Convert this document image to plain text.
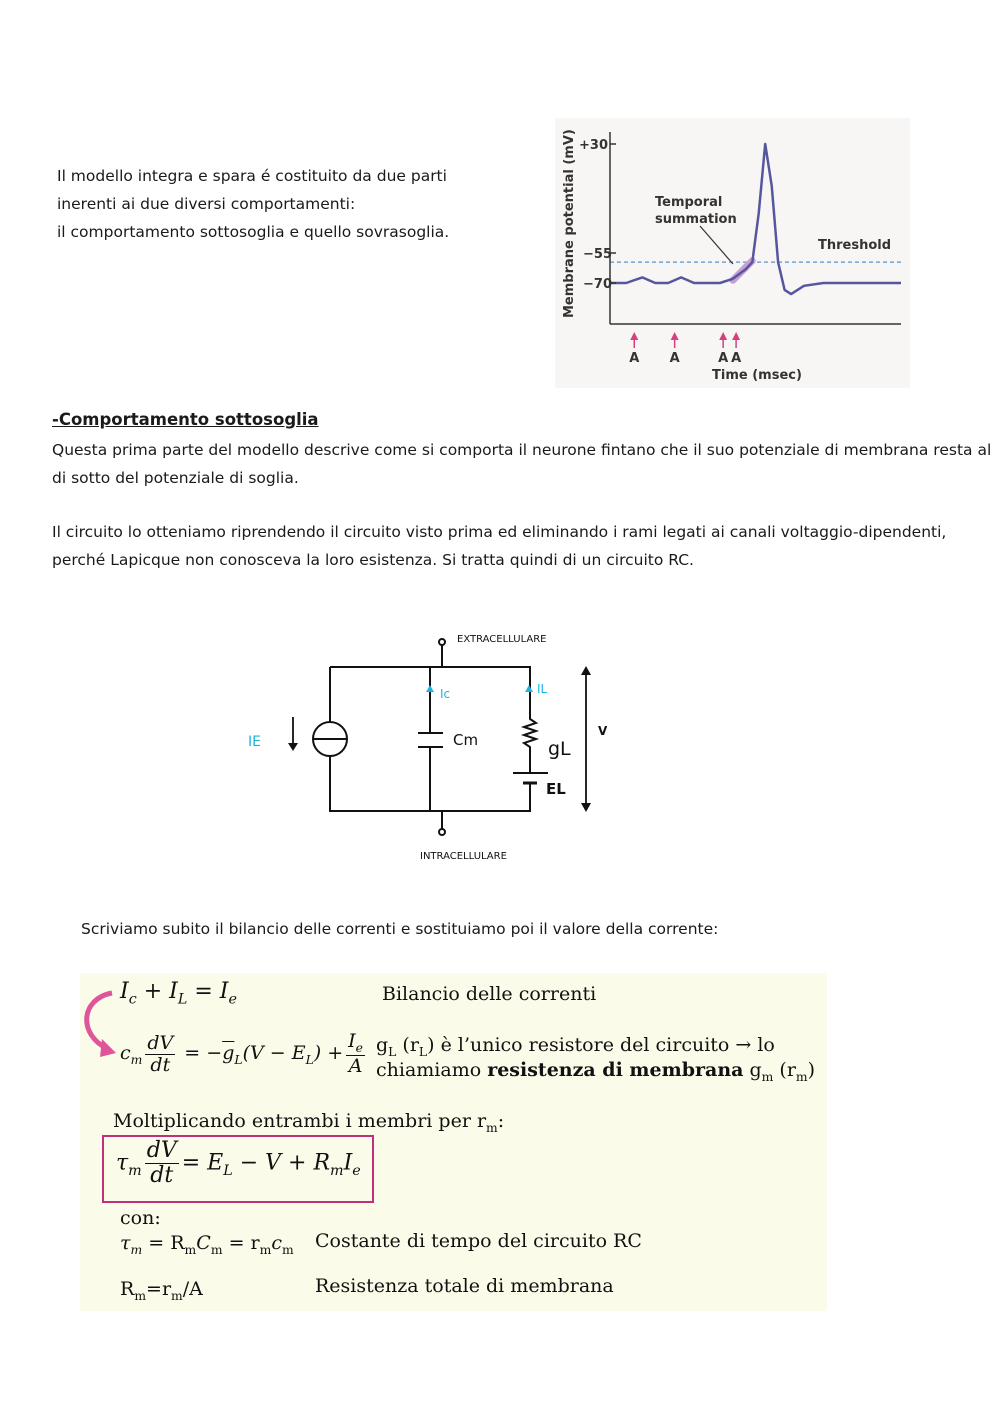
Il modello integra e spara é costituito da due parti
inerenti ai due diversi comportamenti:
il comportamento sottosoglia e quello sovrasoglia.
A A	A A
+30
−55
−70
Membrane potential (mV)
Time (msec)
Threshold
Temporal summation
-Comportamento sottosoglia
Questa prima parte del modello descrive come si comporta il neurone fintano che il suo potenziale di membrana resta al
di sotto del potenziale di soglia.
Il circuito lo otteniamo riprendendo il circuito visto prima ed eliminando i rami legati ai canali voltaggio-dipendenti,
perché Lapicque non conosceva la loro esistenza. Si tratta quindi di un circuito RC.
EXTRACELLULARE
INTRACELLULARE
IE
Ic	IL
Cm	gL
EL
V
Scriviamo subito il bilancio delle correnti e sostituiamo poi il valore della corrente:
$I_c + I_L = I_e$	Bilancio delle correnti
$c_m \frac{dV}{dt} = -\overline{g}_L(V - E_L) + \frac{I_e}{A} g_L$ $(r_L)$ è l’unico resistore del circuito → lo
chiamiamo resistenza di membrana $g_m$ $(r_m)$
Moltiplicando entrambi i membri per $r_m$:
$\tau_m \frac{dV}{dt} = E_L - V + R_mI_e$
con:
$\tau_m = R_mC_m = r_mc_m$ Costante di tempo del circuito RC
$R_m=r_m/A$	Resistenza totale di membrana
